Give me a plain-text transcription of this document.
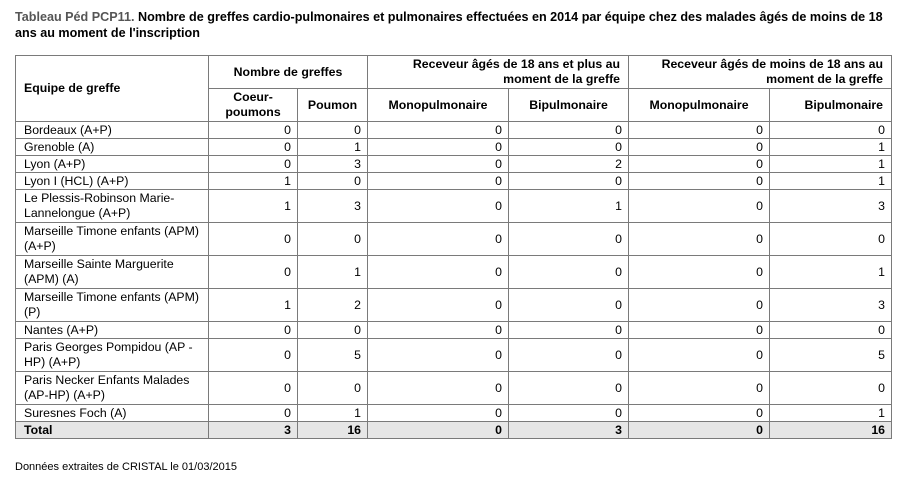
Tableau Péd PCP11. Nombre de greffes cardio-pulmonaires et pulmonaires effectuées en 2014 par équipe chez des malades âgés de moins de 18 ans au moment de l'inscription
Equipe de greffe	Nombre de greffes		Receveur âgés de 18 ans et plus au moment de la greffe		Receveur âgés de moins de 18 ans au moment de la greffe	
	Coeur-poumons	Poumon	Monopulmonaire	Bipulmonaire	Monopulmonaire	Bipulmonaire
Bordeaux (A+P)	0	0	0	0	0	0
Grenoble (A)	0	1	0	0	0	1
Lyon (A+P)	0	3	0	2	0	1
Lyon I (HCL) (A+P)	1	0	0	0	0	1
Le Plessis-Robinson Marie-Lannelongue (A+P)	1	3	0	1	0	3
Marseille Timone enfants (APM) (A+P)	0	0	0	0	0	0
Marseille Sainte Marguerite (APM) (A)	0	1	0	0	0	1
Marseille Timone enfants (APM) (P)	1	2	0	0	0	3
Nantes (A+P)	0	0	0	0	0	0
Paris Georges Pompidou (AP -HP) (A+P)	0	5	0	0	0	5
Paris Necker Enfants Malades (AP-HP) (A+P)	0	0	0	0	0	0
Suresnes Foch (A)	0	1	0	0	0	1
Total	3	16	0	3	0	16
Données extraites de CRISTAL le 01/03/2015
